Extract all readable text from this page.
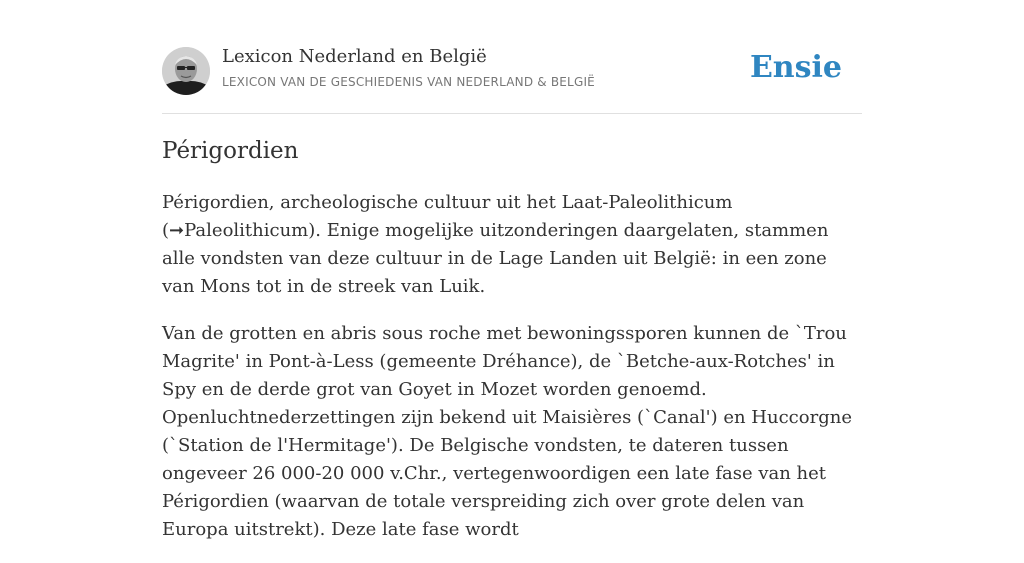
Lexicon Nederland en België
LEXICON VAN DE GESCHIEDENIS VAN NEDERLAND & BELGIË	Ensie
Périgordien

Périgordien, archeologische cultuur uit het Laat-Paleolithicum (➞Paleolithicum). Enige mogelijke uitzonderingen daargelaten, stammen alle vondsten van deze cultuur in de Lage Landen uit België: in een zone van Mons tot in de streek van Luik.

Van de grotten en abris sous roche met bewoningssporen kunnen de `Trou Magrite' in Pont-à-Less (gemeente Dréhance), de `Betche-aux-Rotches' in Spy en de derde grot van Goyet in Mozet worden genoemd. Openluchtnederzettingen zijn bekend uit Maisières (`Canal') en Huccorgne (`Station de l'Hermitage'). De Belgische vondsten, te dateren tussen ongeveer 26 000-20 000 v.Chr., vertegenwoordigen een late fase van het Périgordien (waarvan de totale verspreiding zich over grote delen van Europa uitstrekt). Deze late fase wordt
